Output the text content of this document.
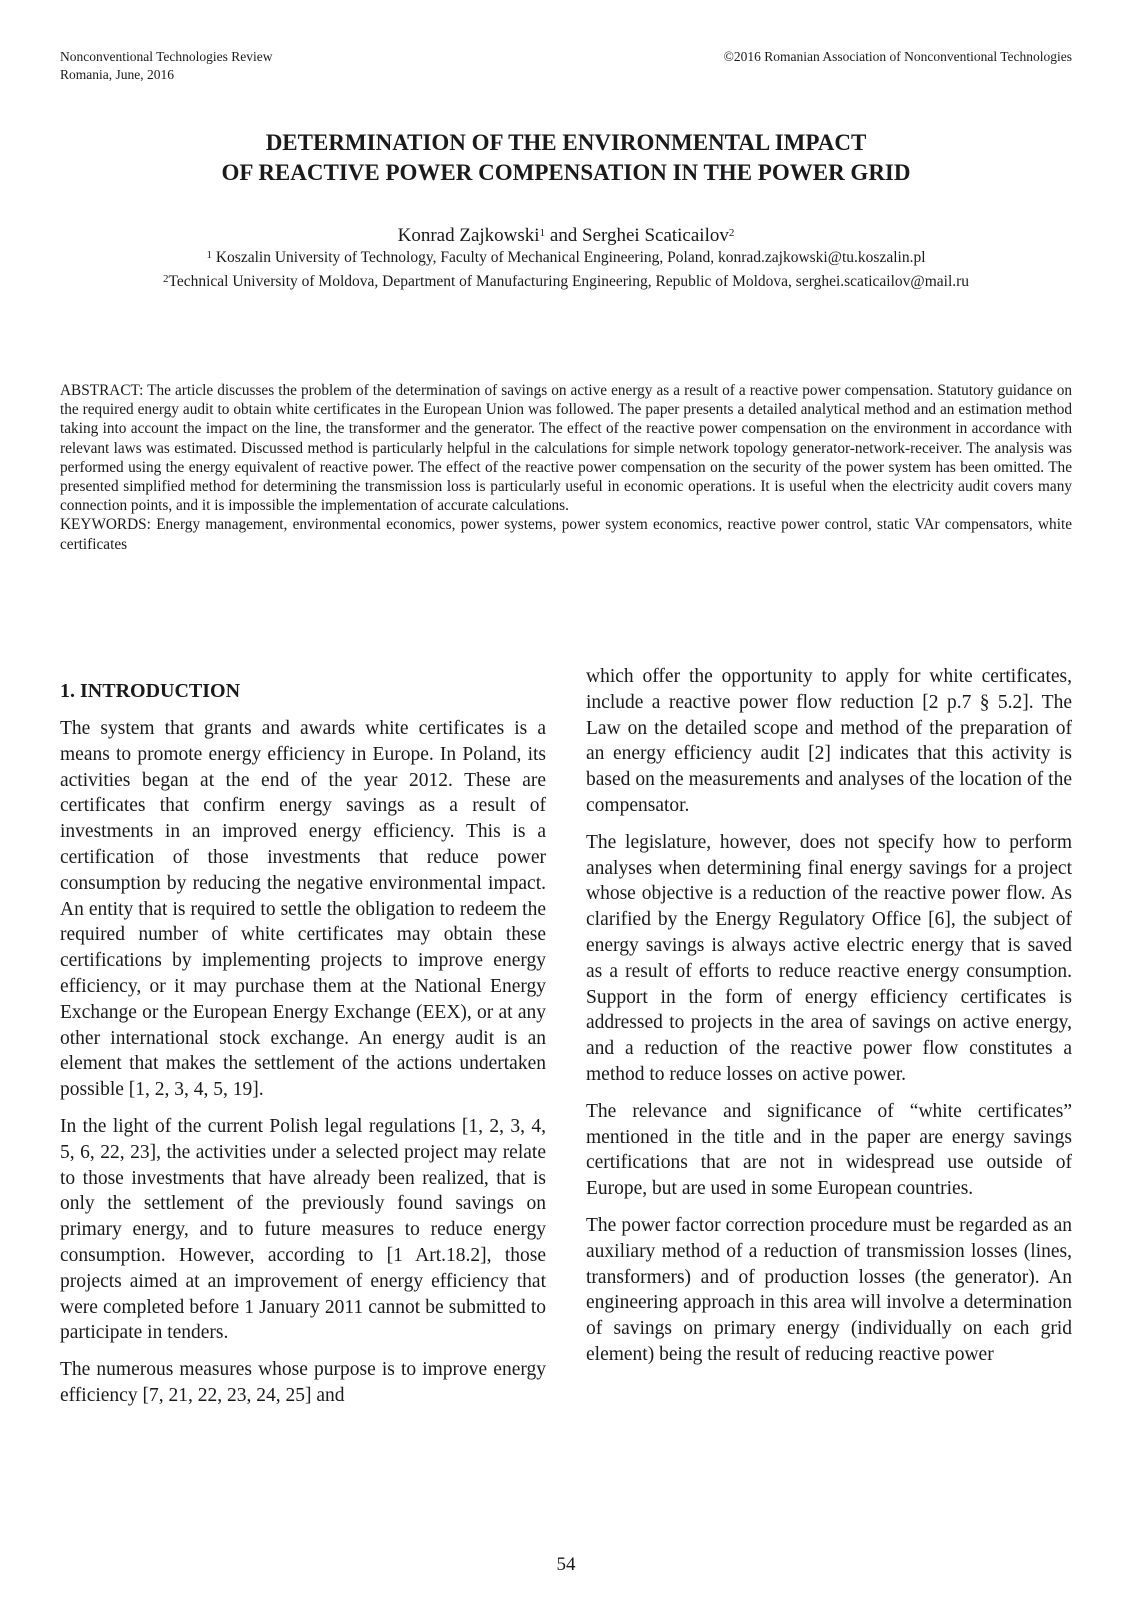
Nonconventional Technologies Review
Romania, June, 2016
©2016 Romanian Association of Nonconventional Technologies
DETERMINATION OF THE ENVIRONMENTAL IMPACT
OF REACTIVE POWER COMPENSATION IN THE POWER GRID
Konrad Zajkowski$^1$ and Serghei Scaticailov$^2$
$^1$ Koszalin University of Technology, Faculty of Mechanical Engineering, Poland, konrad.zajkowski@tu.koszalin.pl
$^2$Technical University of Moldova, Department of Manufacturing Engineering, Republic of Moldova, serghei.scaticailov@mail.ru

ABSTRACT: The article discusses the problem of the determination of savings on active energy as a result of a reactive power compensation. Statutory guidance on the required energy audit to obtain white certificates in the European Union was followed. The paper presents a detailed analytical method and an estimation method taking into account the impact on the line, the transformer and the generator. The effect of the reactive power compensation on the environment in accordance with relevant laws was estimated. Discussed method is particularly helpful in the calculations for simple network topology generator-network-receiver. The analysis was performed using the energy equivalent of reactive power. The effect of the reactive power compensation on the security of the power system has been omitted. The presented simplified method for determining the transmission loss is particularly useful in economic operations. It is useful when the electricity audit covers many connection points, and it is impossible the implementation of accurate calculations.

KEYWORDS: Energy management, environmental economics, power systems, power system economics, reactive power control, static VAr compensators, white certificates

1. INTRODUCTION

The system that grants and awards white certificates is a means to promote energy efficiency in Europe. In Poland, its activities began at the end of the year 2012. These are certificates that confirm energy savings as a result of investments in an improved energy efficiency. This is a certification of those investments that reduce power consumption by reducing the negative environmental impact. An entity that is required to settle the obligation to redeem the required number of white certificates may obtain these certifications by implementing projects to improve energy efficiency, or it may purchase them at the National Energy Exchange or the European Energy Exchange (EEX), or at any other international stock exchange. An energy audit is an element that makes the settlement of the actions undertaken possible [1, 2, 3, 4, 5, 19].

In the light of the current Polish legal regulations [1, 2, 3, 4, 5, 6, 22, 23], the activities under a selected project may relate to those investments that have already been realized, that is only the settlement of the previously found savings on primary energy, and to future measures to reduce energy consumption. However, according to [1 Art.18.2], those projects aimed at an improvement of energy efficiency that were completed before 1 January 2011 cannot be submitted to participate in tenders.

The numerous measures whose purpose is to improve energy efficiency [7, 21, 22, 23, 24, 25] and

which offer the opportunity to apply for white certificates, include a reactive power flow reduction [2 p.7 § 5.2]. The Law on the detailed scope and method of the preparation of an energy efficiency audit [2] indicates that this activity is based on the measurements and analyses of the location of the compensator.

The legislature, however, does not specify how to perform analyses when determining final energy savings for a project whose objective is a reduction of the reactive power flow. As clarified by the Energy Regulatory Office [6], the subject of energy savings is always active electric energy that is saved as a result of efforts to reduce reactive energy consumption. Support in the form of energy efficiency certificates is addressed to projects in the area of savings on active energy, and a reduction of the reactive power flow constitutes a method to reduce losses on active power.

The relevance and significance of “white certificates” mentioned in the title and in the paper are energy savings certifications that are not in widespread use outside of Europe, but are used in some European countries.

The power factor correction procedure must be regarded as an auxiliary method of a reduction of transmission losses (lines, transformers) and of production losses (the generator). An engineering approach in this area will involve a determination of savings on primary energy (individually on each grid element) being the result of reducing reactive power

54
